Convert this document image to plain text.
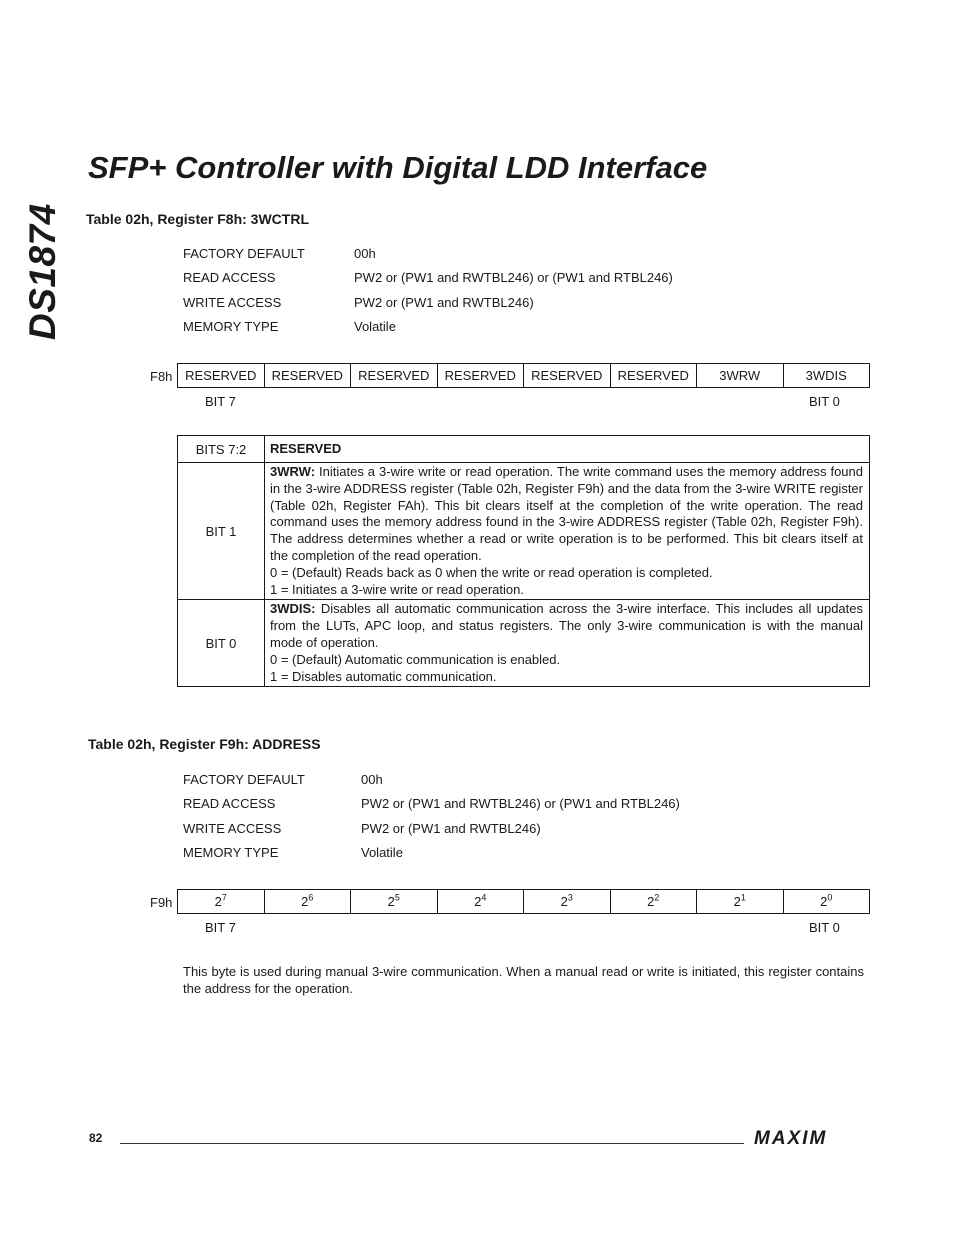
DS1874
SFP+ Controller with Digital LDD Interface
Table 02h, Register F8h: 3WCTRL
FACTORY DEFAULT	00h
READ ACCESS	PW2 or (PW1 and RWTBL246) or (PW1 and RTBL246)
WRITE ACCESS	PW2 or (PW1 and RWTBL246)
MEMORY TYPE	Volatile
F8h RESERVED	RESERVED	RESERVED	RESERVED	RESERVED	RESERVED	3WRW	3WDIS
BIT 7	BIT 0
BITS 7:2	RESERVED
BIT 1	3WRW: Initiates a 3-wire write or read operation. The write command uses the memory address found in the 3-wire ADDRESS register (Table 02h, Register F9h) and the data from the 3-wire WRITE register (Table 02h, Register FAh). This bit clears itself at the completion of the write operation. The read command uses the memory address found in the 3-wire ADDRESS register (Table 02h, Register F9h). The address determines whether a read or write operation is to be performed. This bit clears itself at the completion of the read operation.
0 = (Default) Reads back as 0 when the write or read operation is completed.
1 = Initiates a 3-wire write or read operation.

BIT 0	3WDIS: Disables all automatic communication across the 3-wire interface. This includes all updates from the LUTs, APC loop, and status registers. The only 3-wire communication is with the manual mode of operation.
0 = (Default) Automatic communication is enabled.
1 = Disables automatic communication.
Table 02h, Register F9h: ADDRESS
FACTORY DEFAULT	00h
READ ACCESS	PW2 or (PW1 and RWTBL246) or (PW1 and RTBL246)
WRITE ACCESS	PW2 or (PW1 and RWTBL246)
MEMORY TYPE	Volatile
F9h	$2^7$	$2^6$	$2^5$	$2^4$	$2^3$	$2^2$	$2^1$	$2^0$
BIT 7	BIT 0
This byte is used during manual 3-wire communication. When a manual read or write is initiated, this register contains the address for the operation.
82	MAXIM
